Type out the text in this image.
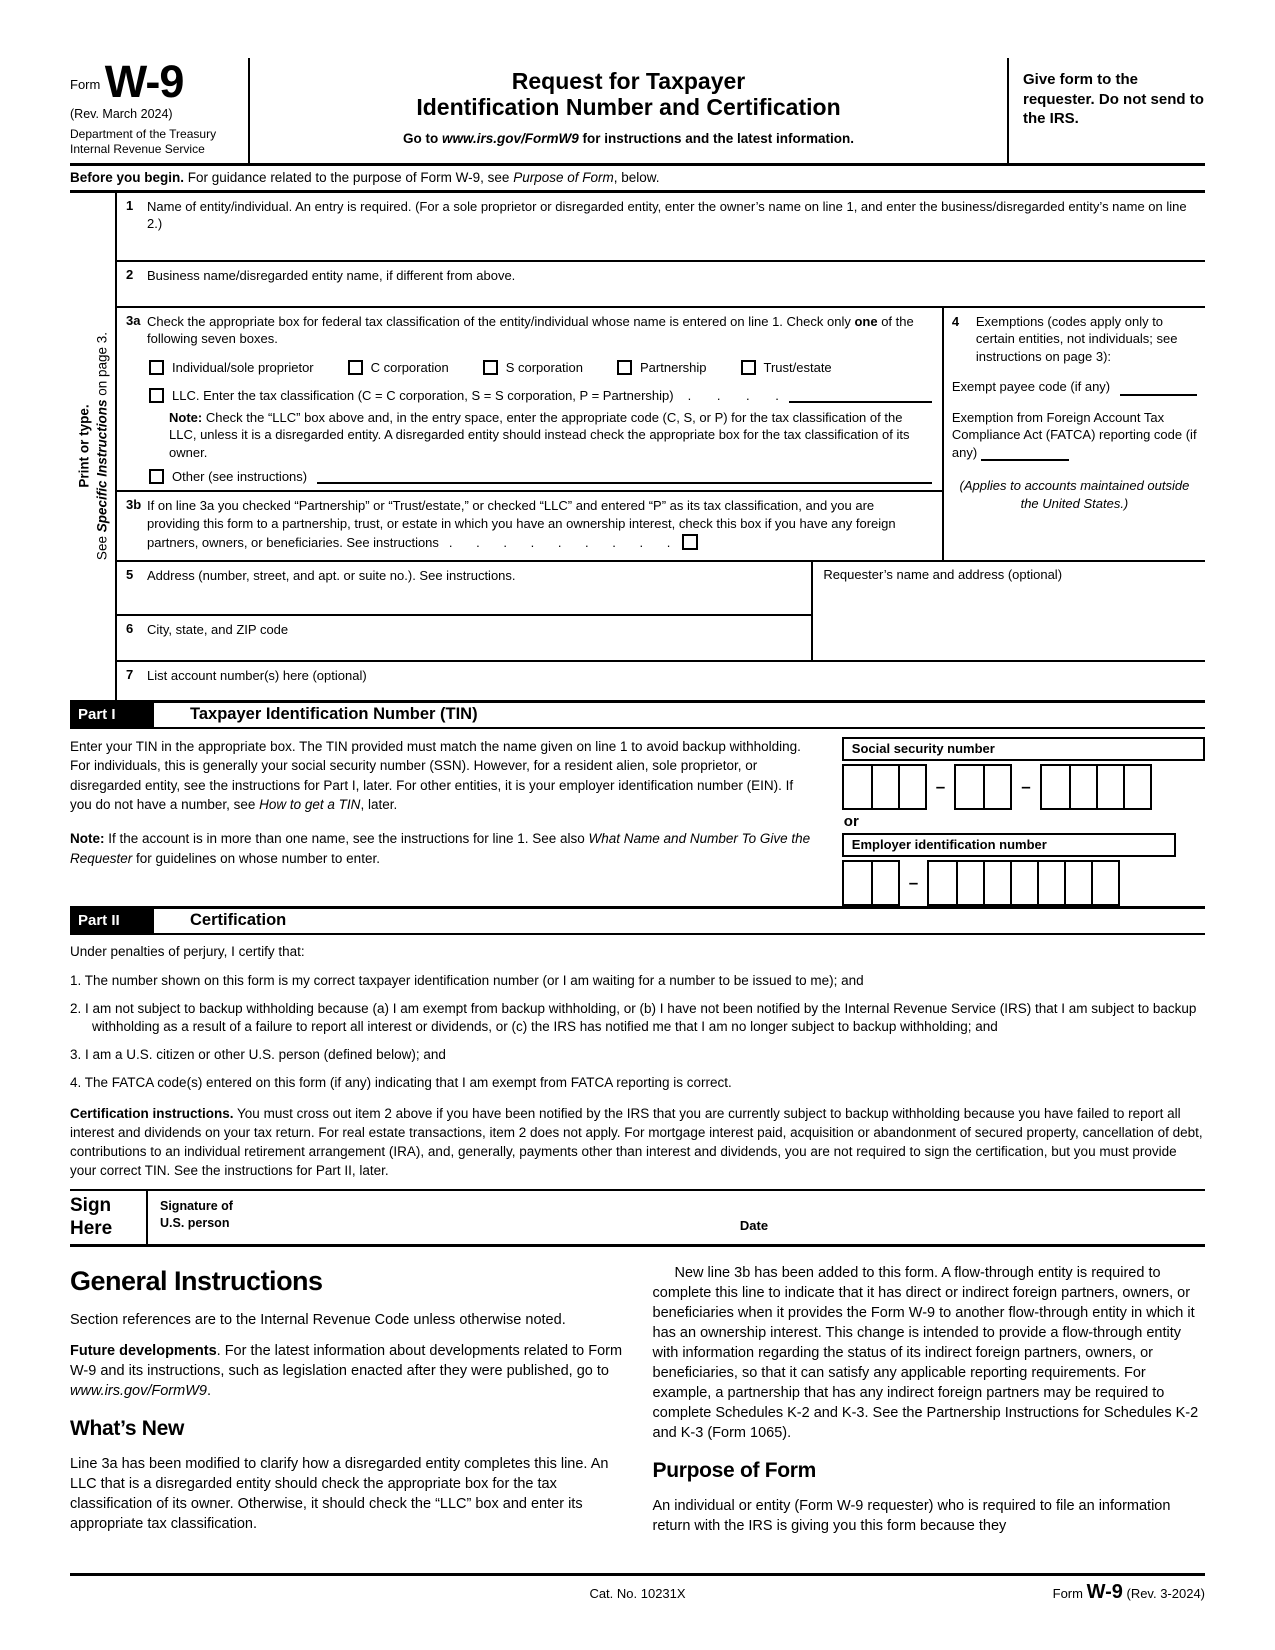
$^{Form}$ W-9
(Rev. March 2024)
Department of the Treasury
Internal Revenue Service
Request for Taxpayer
Identification Number and Certification
Go to www.irs.gov/FormW9 for instructions and the latest information.
Give form to the requester. Do not send to the IRS.
Before you begin. For guidance related to the purpose of Form W-9, see Purpose of Form, below.
Print or type.
See Specific Instructions on page 3.
1	Name of entity/individual. An entry is required. (For a sole proprietor or disregarded entity, enter the owner’s name on line 1, and enter the business/disregarded entity’s name on line 2.)
2	Business name/disregarded entity name, if different from above.
3a Check the appropriate box for federal tax classification of the entity/individual whose name is entered on line 1. Check only one of the following seven boxes.
Individual/sole proprietor	C corporation	S corporation	Partnership	Trust/estate
LLC. Enter the tax classification (C = C corporation, S = S corporation, P = Partnership) . . . .
Note: Check the “LLC” box above and, in the entry space, enter the appropriate code (C, S, or P) for the tax classification of the LLC, unless it is a disregarded entity. A disregarded entity should instead check the appropriate box for the tax classification of its owner.
Other (see instructions)
3b If on line 3a you checked “Partnership” or “Trust/estate,” or checked “LLC” and entered “P” as its tax classification, and you are providing this form to a partnership, trust, or estate in which you have an ownership interest, check this box if you have any foreign partners, owners, or beneficiaries. See instructions . . . . . . . . .
4	Exemptions (codes apply only to certain entities, not individuals; see instructions on page 3):
Exempt payee code (if any)
Exemption from Foreign Account Tax Compliance Act (FATCA) reporting code (if any)
(Applies to accounts maintained outside the United States.)
5	Address (number, street, and apt. or suite no.). See instructions.
6	City, state, and ZIP code
Requester’s name and address (optional)
7	List account number(s) here (optional)
Part I	Taxpayer Identification Number (TIN)

Enter your TIN in the appropriate box. The TIN provided must match the name given on line 1 to avoid backup withholding. For individuals, this is generally your social security number (SSN). However, for a resident alien, sole proprietor, or disregarded entity, see the instructions for Part I, later. For other entities, it is your employer identification number (EIN). If you do not have a number, see How to get a TIN, later.

Note: If the account is in more than one name, see the instructions for line 1. See also What Name and Number To Give the Requester for guidelines on whose number to enter.

Social security number
–	–
or
Employer identification number
–
Part II	Certification

Under penalties of perjury, I certify that:

1. The number shown on this form is my correct taxpayer identification number (or I am waiting for a number to be issued to me); and

2. I am not subject to backup withholding because (a) I am exempt from backup withholding, or (b) I have not been notified by the Internal Revenue Service (IRS) that I am subject to backup withholding as a result of a failure to report all interest or dividends, or (c) the IRS has notified me that I am no longer subject to backup withholding; and

3. I am a U.S. citizen or other U.S. person (defined below); and

4. The FATCA code(s) entered on this form (if any) indicating that I am exempt from FATCA reporting is correct.

Certification instructions. You must cross out item 2 above if you have been notified by the IRS that you are currently subject to backup withholding because you have failed to report all interest and dividends on your tax return. For real estate transactions, item 2 does not apply. For mortgage interest paid, acquisition or abandonment of secured property, cancellation of debt, contributions to an individual retirement arrangement (IRA), and, generally, payments other than interest and dividends, you are not required to sign the certification, but you must provide your correct TIN. See the instructions for Part II, later.

Sign
Here
Signature of
U.S. person	Date
General Instructions

Section references are to the Internal Revenue Code unless otherwise noted.

Future developments. For the latest information about developments related to Form W-9 and its instructions, such as legislation enacted after they were published, go to www.irs.gov/FormW9.

What’s New

Line 3a has been modified to clarify how a disregarded entity completes this line. An LLC that is a disregarded entity should check the appropriate box for the tax classification of its owner. Otherwise, it should check the “LLC” box and enter its appropriate tax classification.

New line 3b has been added to this form. A flow-through entity is required to complete this line to indicate that it has direct or indirect foreign partners, owners, or beneficiaries when it provides the Form W-9 to another flow-through entity in which it has an ownership interest. This change is intended to provide a flow-through entity with information regarding the status of its indirect foreign partners, owners, or beneficiaries, so that it can satisfy any applicable reporting requirements. For example, a partnership that has any indirect foreign partners may be required to complete Schedules K-2 and K-3. See the Partnership Instructions for Schedules K-2 and K-3 (Form 1065).

Purpose of Form

An individual or entity (Form W-9 requester) who is required to file an information return with the IRS is giving you this form because they

Cat. No. 10231X	Form W-9 (Rev. 3-2024)
